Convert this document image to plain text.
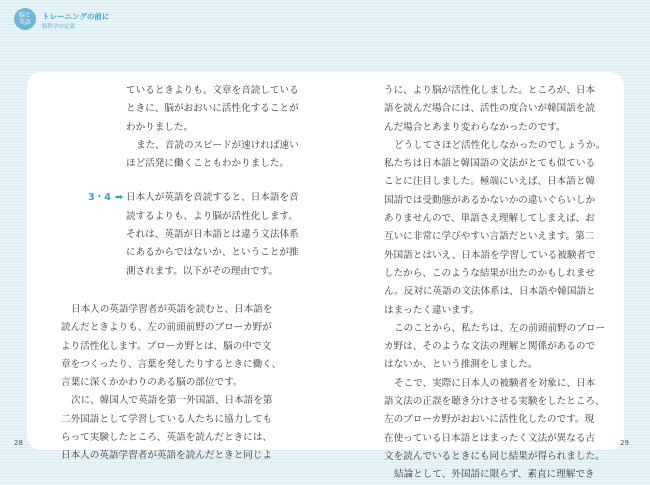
脳と
英語
トレーニングの前に
脳科学の定義

ているときよりも、文章を音読している

ときに、脳がおおいに活性化することが

わかりました。

また、音読のスピードが速ければ速い

ほど活発に働くこともわかりました。

3・4 ➡ 日本人が英語を音読すると、日本語を音

読するよりも、より脳が活性化します。

それは、英語が日本語とは違う文法体系

にあるからではないか、ということが推

測されます。以下がその理由です。

日本人の英語学習者が英語を読むと、日本語を

読んだときよりも、左の前頭前野のブローカ野が

より活性化します。ブローカ野とは、脳の中で文

章をつくったり、言葉を発したりするときに働く、

言葉に深くかかわりのある脳の部位です。

次に、韓国人で英語を第一外国語、日本語を第

二外国語として学習している人たちに協力しても

らって実験したところ、英語を読んだときには、

日本人の英語学習者が英語を読んだときと同じよ

うに、より脳が活性化しました。ところが、日本

語を読んだ場合には、活性の度合いが韓国語を読

んだ場合とあまり変わらなかったのです。

どうしてさほど活性化しなかったのでしょうか。

私たちは日本語と韓国語の文法がとても似ている

ことに注目しました。極端にいえば、日本語と韓

国語では受動態があるかないかの違いぐらいしか

ありませんので、単語さえ理解してしまえば、お

互いに非常に学びやすい言語だといえます。第二

外国語とはいえ、日本語を学習している被験者で

したから、このような結果が出たのかもしれませ

ん。反対に英語の文法体系は、日本語や韓国語と

はまったく違います。

このことから、私たちは、左の前頭前野のブロー

カ野は、そのような文法の理解と関係があるので

はないか、という推測をしました。

そこで、実際に日本人の被験者を対象に、日本

語文法の正誤を聴き分けさせる実験をしたところ、

左のブローカ野がおおいに活性化したのです。現

在使っている日本語とはまったく文法が異なる古

文を読んでいるときにも同じ結果が得られました。

結論として、外国語に限らず、素直に理解でき

28	29
